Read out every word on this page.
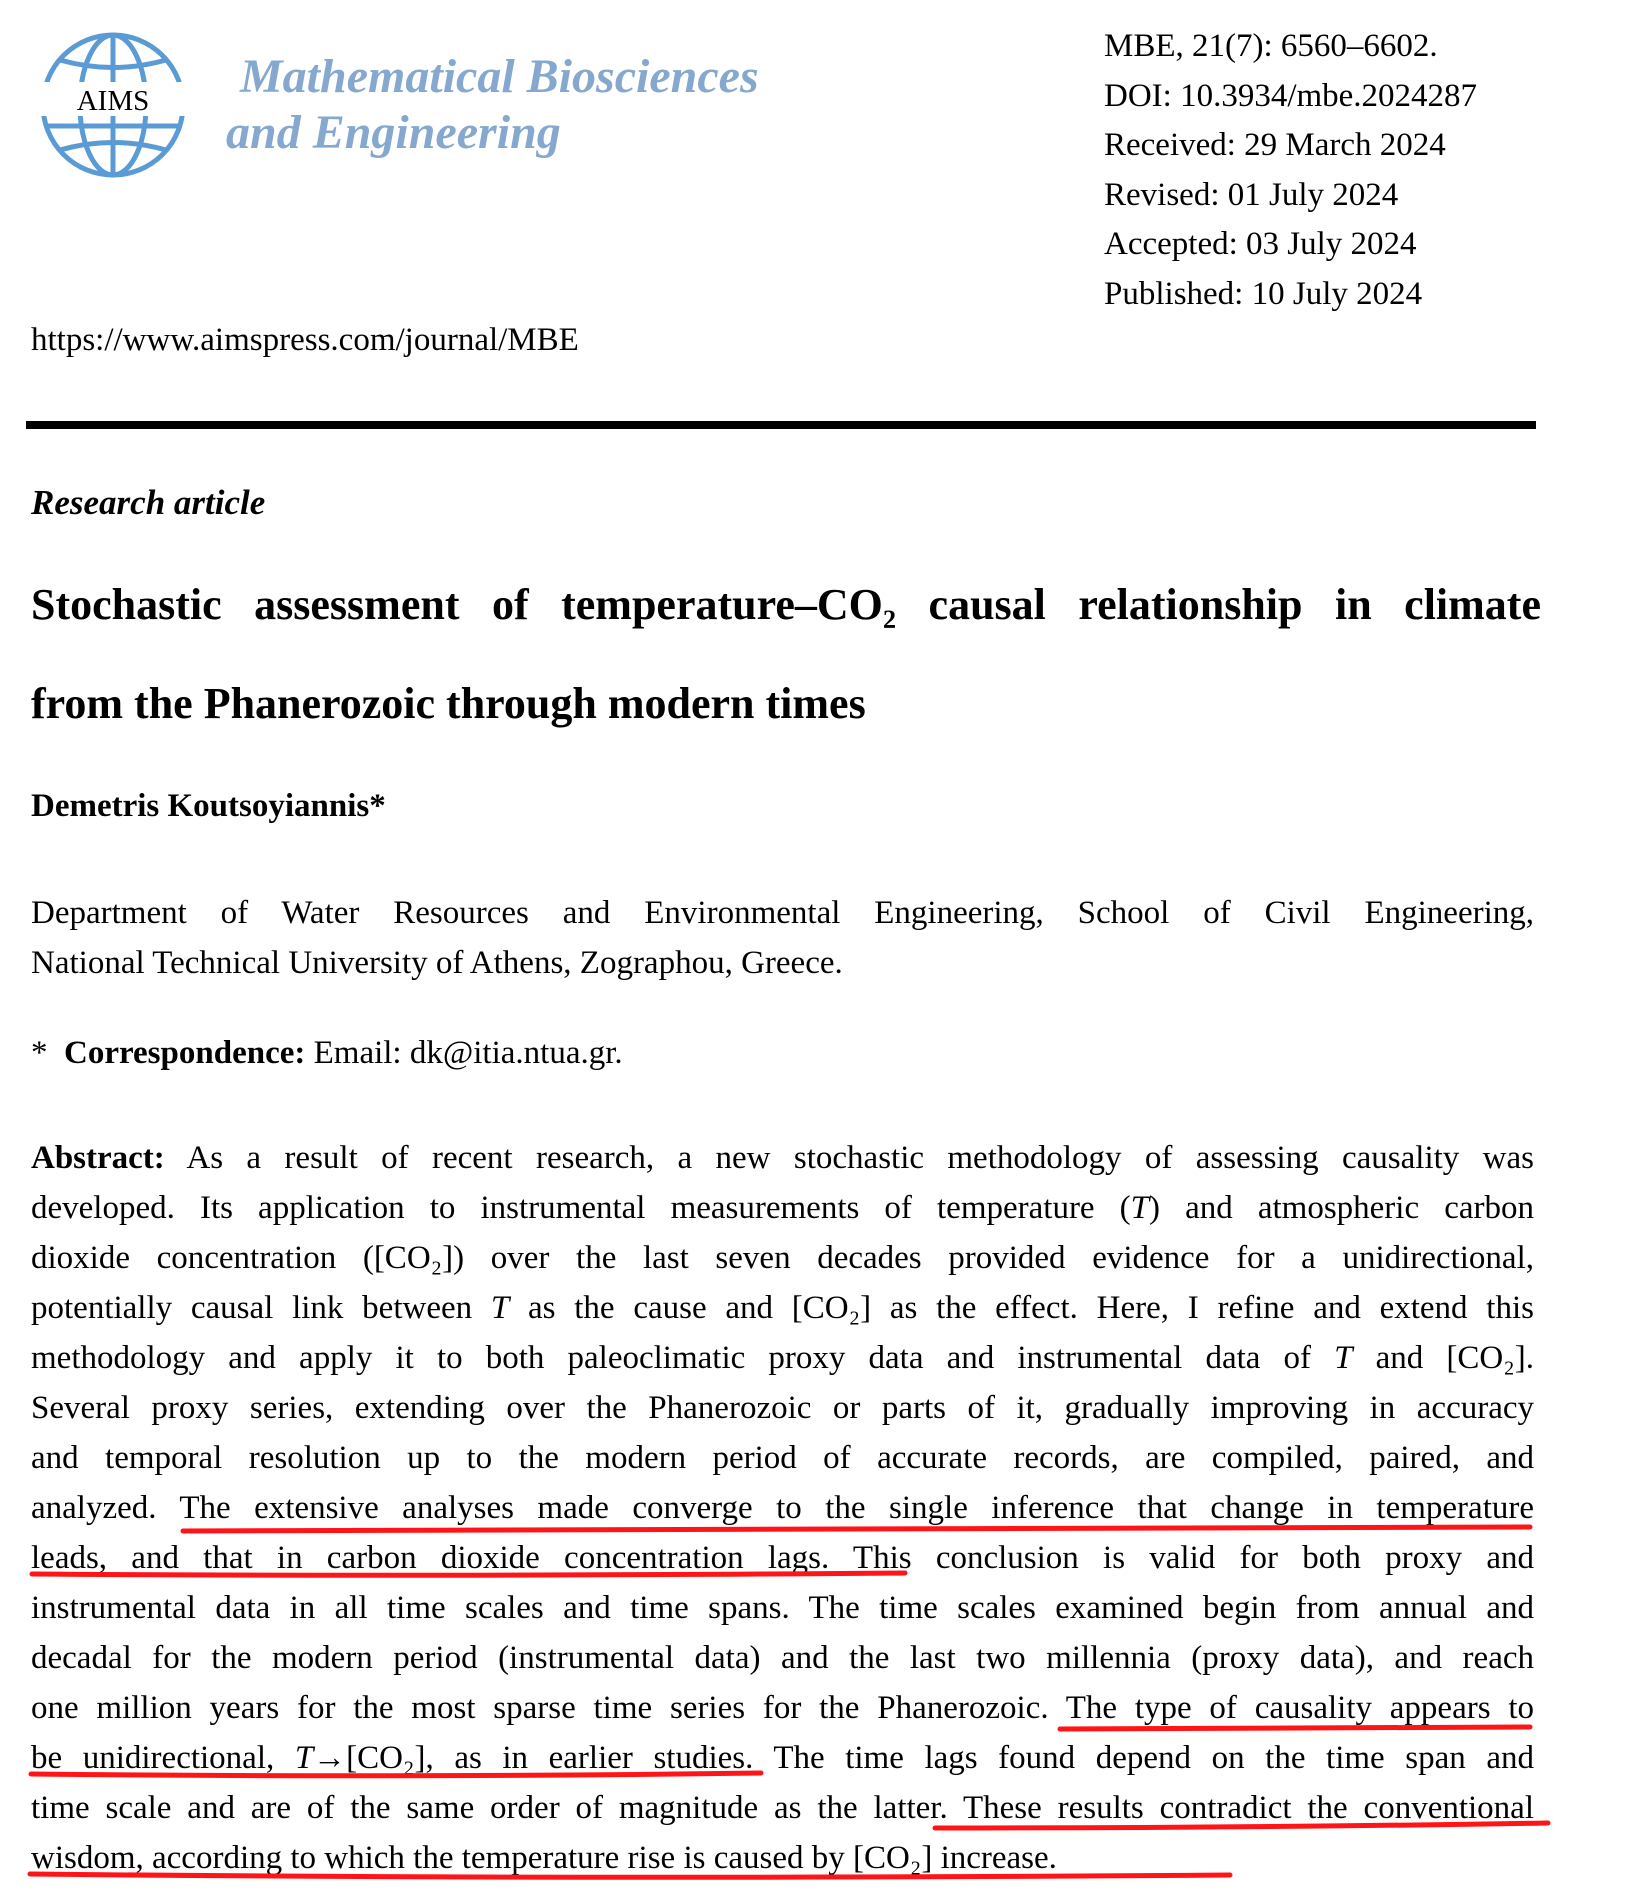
AIMS Mathematical Biosciences
and Engineering
MBE, 21(7): 6560–6602.
DOI: 10.3934/mbe.2024287
Received: 29 March 2024
Revised: 01 July 2024
Accepted: 03 July 2024
Published: 10 July 2024
https://www.aimspress.com/journal/MBE
Research article
Stochastic assessment of temperature–CO₂ causal relationship in climate
from the Phanerozoic through modern times
Demetris Koutsoyiannis*
Department of Water Resources and Environmental Engineering, School of Civil Engineering,
National Technical University of Athens, Zographou, Greece.
* Correspondence: Email: dk@itia.ntua.gr.
Abstract: As a result of recent research, a new stochastic methodology of assessing causality was
developed. Its application to instrumental measurements of temperature (T) and atmospheric carbon
dioxide concentration ([CO₂]) over the last seven decades provided evidence for a unidirectional,
potentially causal link between T as the cause and [CO₂] as the effect. Here, I refine and extend this
methodology and apply it to both paleoclimatic proxy data and instrumental data of T and [CO₂].
Several proxy series, extending over the Phanerozoic or parts of it, gradually improving in accuracy
and temporal resolution up to the modern period of accurate records, are compiled, paired, and
analyzed. The extensive analyses made converge to the single inference that change in temperature
leads, and that in carbon dioxide concentration lags. This conclusion is valid for both proxy and
instrumental data in all time scales and time spans. The time scales examined begin from annual and
decadal for the modern period (instrumental data) and the last two millennia (proxy data), and reach
one million years for the most sparse time series for the Phanerozoic. The type of causality appears to
be unidirectional, T→[CO₂], as in earlier studies. The time lags found depend on the time span and
time scale and are of the same order of magnitude as the latter. These results contradict the conventional
wisdom, according to which the temperature rise is caused by [CO₂] increase.
